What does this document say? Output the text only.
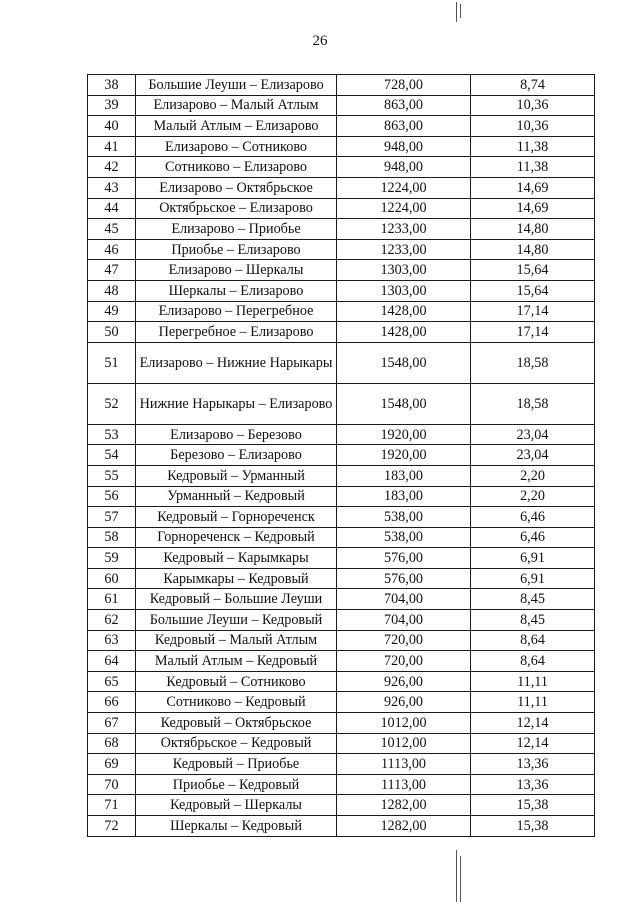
26
38	Большие Леуши – Елизарово	728,00	8,74
39	Елизарово – Малый Атлым	863,00	10,36
40	Малый Атлым – Елизарово	863,00	10,36
41	Елизарово – Сотниково	948,00	11,38
42	Сотниково – Елизарово	948,00	11,38
43	Елизарово – Октябрьское	1224,00	14,69
44	Октябрьское – Елизарово	1224,00	14,69
45	Елизарово – Приобье	1233,00	14,80
46	Приобье – Елизарово	1233,00	14,80
47	Елизарово – Шеркалы	1303,00	15,64
48	Шеркалы – Елизарово	1303,00	15,64
49	Елизарово – Перегребное	1428,00	17,14
50	Перегребное – Елизарово	1428,00	17,14
51	Елизарово – Нижние Нарыкары	1548,00	18,58
52	Нижние Нарыкары – Елизарово	1548,00	18,58
53	Елизарово – Березово	1920,00	23,04
54	Березово – Елизарово	1920,00	23,04
55	Кедровый – Урманный	183,00	2,20
56	Урманный – Кедровый	183,00	2,20
57	Кедровый – Горнореченск	538,00	6,46
58	Горнореченск – Кедровый	538,00	6,46
59	Кедровый – Карымкары	576,00	6,91
60	Карымкары – Кедровый	576,00	6,91
61	Кедровый – Большие Леуши	704,00	8,45
62	Большие Леуши – Кедровый	704,00	8,45
63	Кедровый – Малый Атлым	720,00	8,64
64	Малый Атлым – Кедровый	720,00	8,64
65	Кедровый – Сотниково	926,00	11,11
66	Сотниково – Кедровый	926,00	11,11
67	Кедровый – Октябрьское	1012,00	12,14
68	Октябрьское – Кедровый	1012,00	12,14
69	Кедровый – Приобье	1113,00	13,36
70	Приобье – Кедровый	1113,00	13,36
71	Кедровый – Шеркалы	1282,00	15,38
72	Шеркалы – Кедровый	1282,00	15,38
